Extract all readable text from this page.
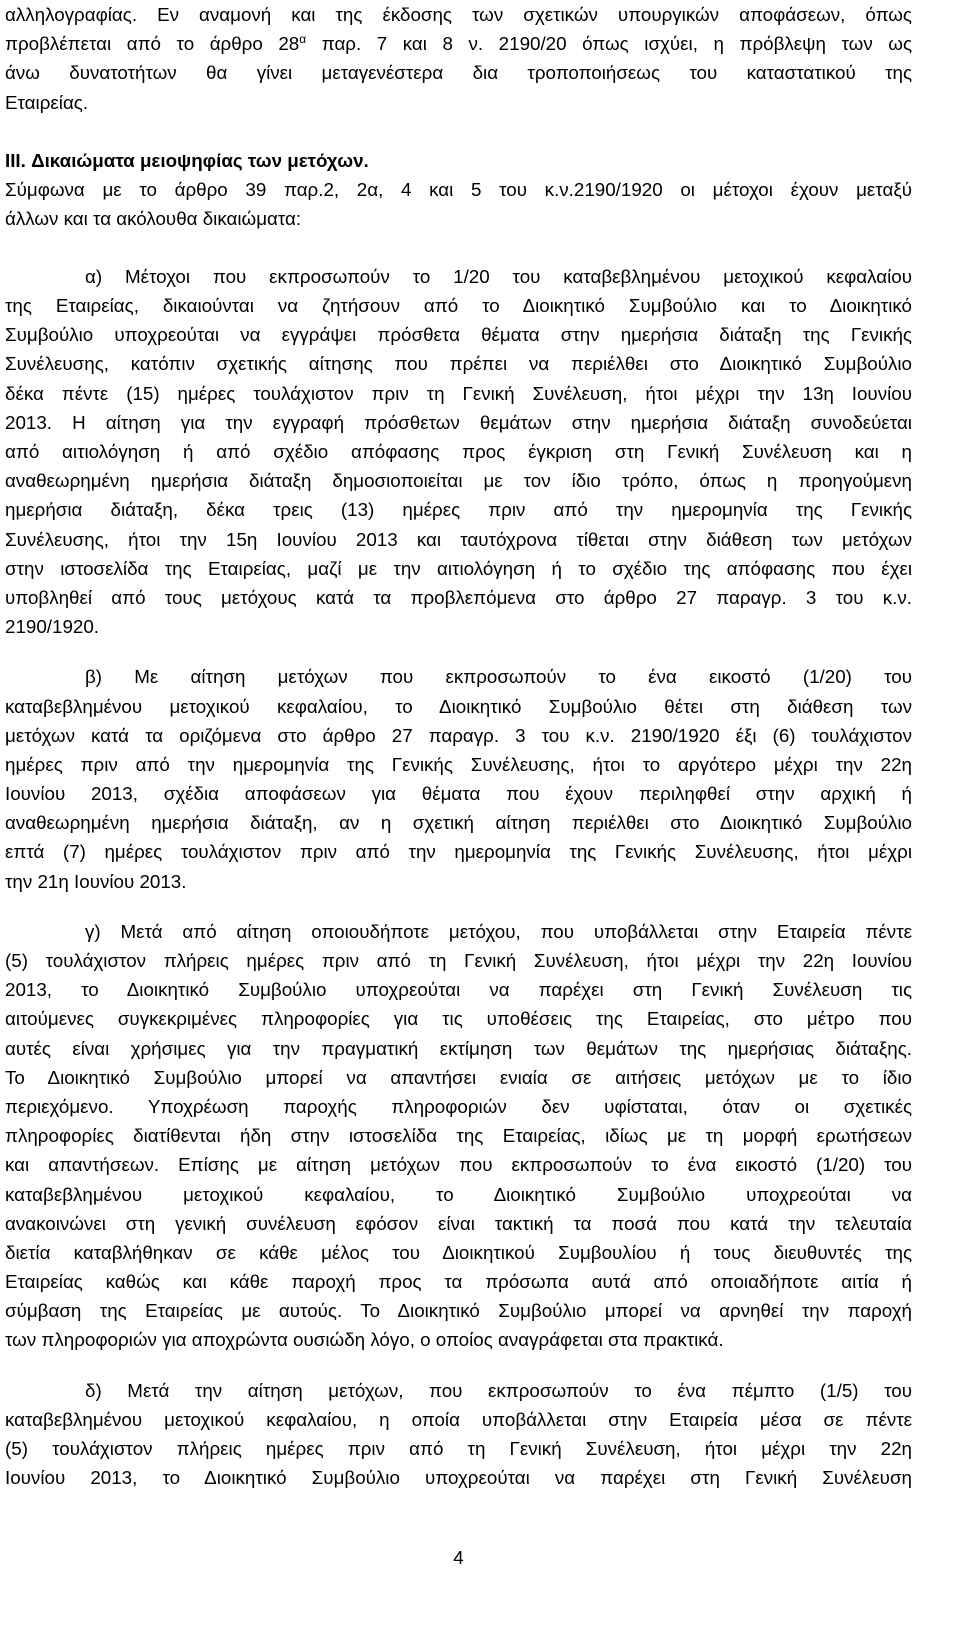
αλληλογραφίας. Εν αναμονή και της έκδοσης των σχετικών υπουργικών αποφάσεων, όπως
προβλέπεται από το άρθρο $28^\alpha$ παρ. 7 και 8 ν. 2190/20 όπως ισχύει, η πρόβλεψη των ως
άνω δυνατοτήτων θα γίνει μεταγενέστερα δια τροποποιήσεως του καταστατικού της
Εταιρείας.
III. Δικαιώματα μειοψηφίας των μετόχων.
Σύμφωνα με το άρθρο 39 παρ.2, 2α, 4 και 5 του κ.ν.2190/1920 οι μέτοχοι έχουν μεταξύ
άλλων και τα ακόλουθα δικαιώματα:
α) Μέτοχοι που εκπροσωπούν το 1/20 του καταβεβλημένου μετοχικού κεφαλαίου
της Εταιρείας, δικαιούνται να ζητήσουν από το Διοικητικό Συμβούλιο και το Διοικητικό
Συμβούλιο υποχρεούται να εγγράψει πρόσθετα θέματα στην ημερήσια διάταξη της Γενικής
Συνέλευσης, κατόπιν σχετικής αίτησης που πρέπει να περιέλθει στο Διοικητικό Συμβούλιο
δέκα πέντε (15) ημέρες τουλάχιστον πριν τη Γενική Συνέλευση, ήτοι μέχρι την 13η Ιουνίου
2013. Η αίτηση για την εγγραφή πρόσθετων θεμάτων στην ημερήσια διάταξη συνοδεύεται
από αιτιολόγηση ή από σχέδιο απόφασης προς έγκριση στη Γενική Συνέλευση και η
αναθεωρημένη ημερήσια διάταξη δημοσιοποιείται με τον ίδιο τρόπο, όπως η προηγούμενη
ημερήσια διάταξη, δέκα τρεις (13) ημέρες πριν από την ημερομηνία της Γενικής
Συνέλευσης, ήτοι την 15η Ιουνίου 2013 και ταυτόχρονα τίθεται στην διάθεση των μετόχων
στην ιστοσελίδα της Εταιρείας, μαζί με την αιτιολόγηση ή το σχέδιο της απόφασης που έχει
υποβληθεί από τους μετόχους κατά τα προβλεπόμενα στο άρθρο 27 παραγρ. 3 του κ.ν.
2190/1920.
β) Με αίτηση μετόχων που εκπροσωπούν το ένα εικοστό (1/20) του
καταβεβλημένου μετοχικού κεφαλαίου, το Διοικητικό Συμβούλιο θέτει στη διάθεση των
μετόχων κατά τα οριζόμενα στο άρθρο 27 παραγρ. 3 του κ.ν. 2190/1920 έξι (6) τουλάχιστον
ημέρες πριν από την ημερομηνία της Γενικής Συνέλευσης, ήτοι το αργότερο μέχρι την 22η
Ιουνίου 2013, σχέδια αποφάσεων για θέματα που έχουν περιληφθεί στην αρχική ή
αναθεωρημένη ημερήσια διάταξη, αν η σχετική αίτηση περιέλθει στο Διοικητικό Συμβούλιο
επτά (7) ημέρες τουλάχιστον πριν από την ημερομηνία της Γενικής Συνέλευσης, ήτοι μέχρι
την 21η Ιουνίου 2013.
γ) Μετά από αίτηση οποιουδήποτε μετόχου, που υποβάλλεται στην Εταιρεία πέντε
(5) τουλάχιστον πλήρεις ημέρες πριν από τη Γενική Συνέλευση, ήτοι μέχρι την 22η Ιουνίου
2013, το Διοικητικό Συμβούλιο υποχρεούται να παρέχει στη Γενική Συνέλευση τις
αιτούμενες συγκεκριμένες πληροφορίες για τις υποθέσεις της Εταιρείας, στο μέτρο που
αυτές είναι χρήσιμες για την πραγματική εκτίμηση των θεμάτων της ημερήσιας διάταξης.
Το Διοικητικό Συμβούλιο μπορεί να απαντήσει ενιαία σε αιτήσεις μετόχων με το ίδιο
περιεχόμενο. Υποχρέωση παροχής πληροφοριών δεν υφίσταται, όταν οι σχετικές
πληροφορίες διατίθενται ήδη στην ιστοσελίδα της Εταιρείας, ιδίως με τη μορφή ερωτήσεων
και απαντήσεων. Επίσης με αίτηση μετόχων που εκπροσωπούν το ένα εικοστό (1/20) του
καταβεβλημένου μετοχικού κεφαλαίου, το Διοικητικό Συμβούλιο υποχρεούται να
ανακοινώνει στη γενική συνέλευση εφόσον είναι τακτική τα ποσά που κατά την τελευταία
διετία καταβλήθηκαν σε κάθε μέλος του Διοικητικού Συμβουλίου ή τους διευθυντές της
Εταιρείας καθώς και κάθε παροχή προς τα πρόσωπα αυτά από οποιαδήποτε αιτία ή
σύμβαση της Εταιρείας με αυτούς. Το Διοικητικό Συμβούλιο μπορεί να αρνηθεί την παροχή
των πληροφοριών για αποχρώντα ουσιώδη λόγο, ο οποίος αναγράφεται στα πρακτικά.
δ) Μετά την αίτηση μετόχων, που εκπροσωπούν το ένα πέμπτο (1/5) του
καταβεβλημένου μετοχικού κεφαλαίου, η οποία υποβάλλεται στην Εταιρεία μέσα σε πέντε
(5) τουλάχιστον πλήρεις ημέρες πριν από τη Γενική Συνέλευση, ήτοι μέχρι την 22η
Ιουνίου 2013, το Διοικητικό Συμβούλιο υποχρεούται να παρέχει στη Γενική Συνέλευση
4
